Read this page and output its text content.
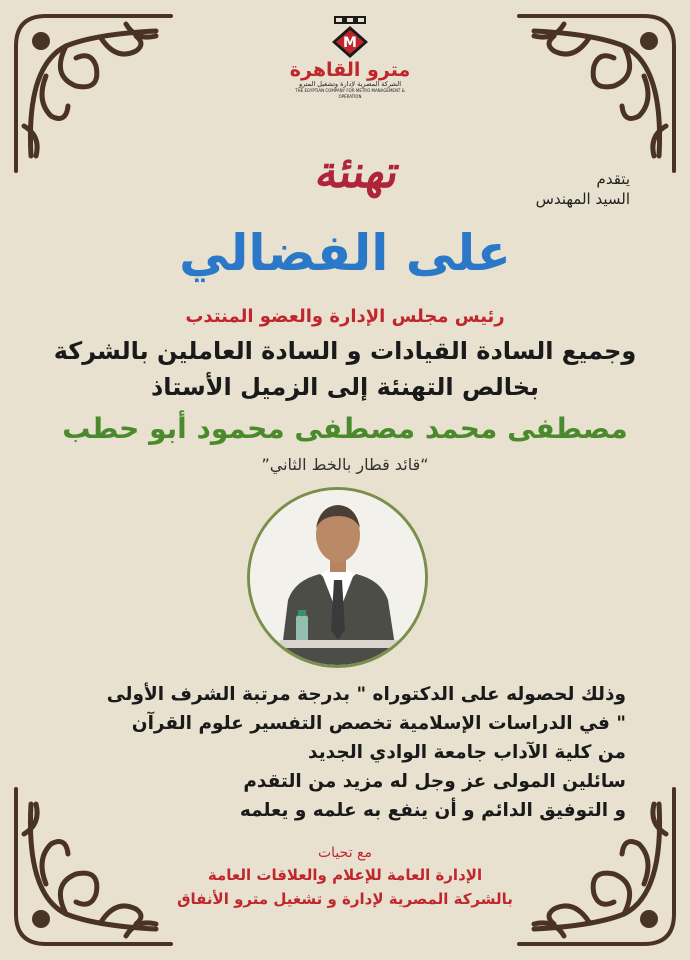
M
مترو القاهرة
الشركة المصرية لإدارة وتشغيل المترو
THE EGYPTIAN COMPANY FOR METRO MANAGEMENT & OPERATION
تهنئة	يتقدم
السيد المهندس
على الفضالي
رئيس مجلس الإدارة والعضو المنتدب
وجميع السادة القيادات و السادة العاملين بالشركة
بخالص التهنئة إلى الزميل الأستاذ
مصطفى محمد مصطفى محمود أبو حطب
“قائد قطار بالخط الثاني”
وذلك لحصوله على الدكتوراه " بدرجة مرتبة الشرف الأولى
" في الدراسات الإسلامية تخصص التفسير علوم القرآن
من كلية الآداب جامعة الوادي الجديد
سائلين المولى عز وجل له مزيد من التقدم
و التوفيق الدائم و أن ينفع به علمه و يعلمه
مع تحيات
الإدارة العامة للإعلام والعلاقات العامة
بالشركة المصرية لإدارة و تشغيل مترو الأنفاق
